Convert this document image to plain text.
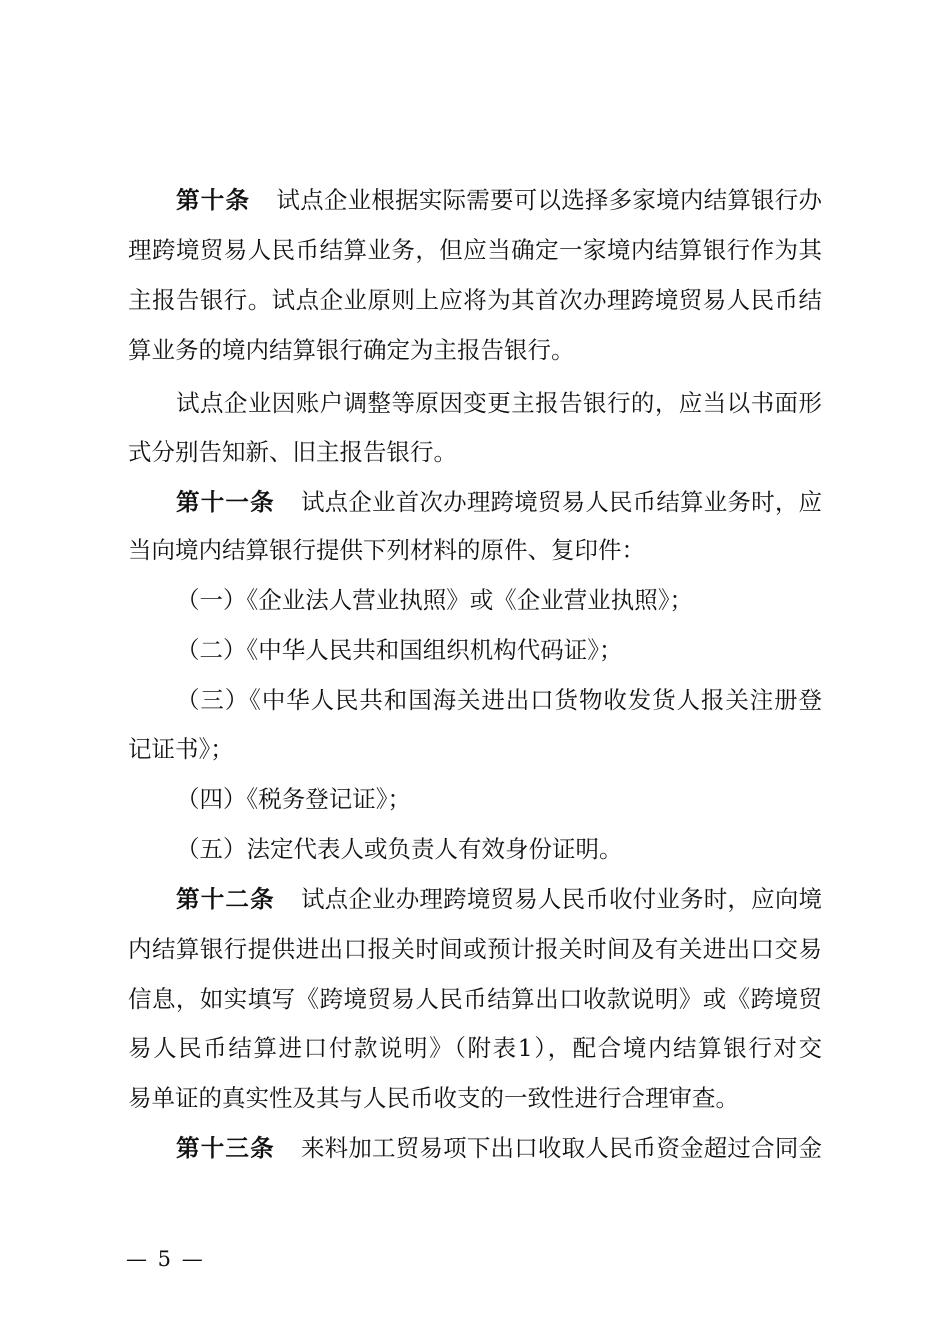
第十条 试点企业根据实际需要可以选择多家境内结算银行办
理跨境贸易人民币结算业务，但应当确定一家境内结算银行作为其
主报告银行。试点企业原则上应将为其首次办理跨境贸易人民币结
算业务的境内结算银行确定为主报告银行。
试点企业因账户调整等原因变更主报告银行的，应当以书面形
式分别告知新、旧主报告银行。
第十一条 试点企业首次办理跨境贸易人民币结算业务时，应
当向境内结算银行提供下列材料的原件、复印件：
（一）《企业法人营业执照》或《企业营业执照》；
（二）《中华人民共和国组织机构代码证》；
（三）《中华人民共和国海关进出口货物收发货人报关注册登
记证书》；
（四）《税务登记证》；
（五）法定代表人或负责人有效身份证明。
第十二条 试点企业办理跨境贸易人民币收付业务时，应向境
内结算银行提供进出口报关时间或预计报关时间及有关进出口交易
信息，如实填写《跨境贸易人民币结算出口收款说明》或《跨境贸
易人民币结算进口付款说明》（附表1），配合境内结算银行对交
易单证的真实性及其与人民币收支的一致性进行合理审查。
第十三条 来料加工贸易项下出口收取人民币资金超过合同金
— 5 —
